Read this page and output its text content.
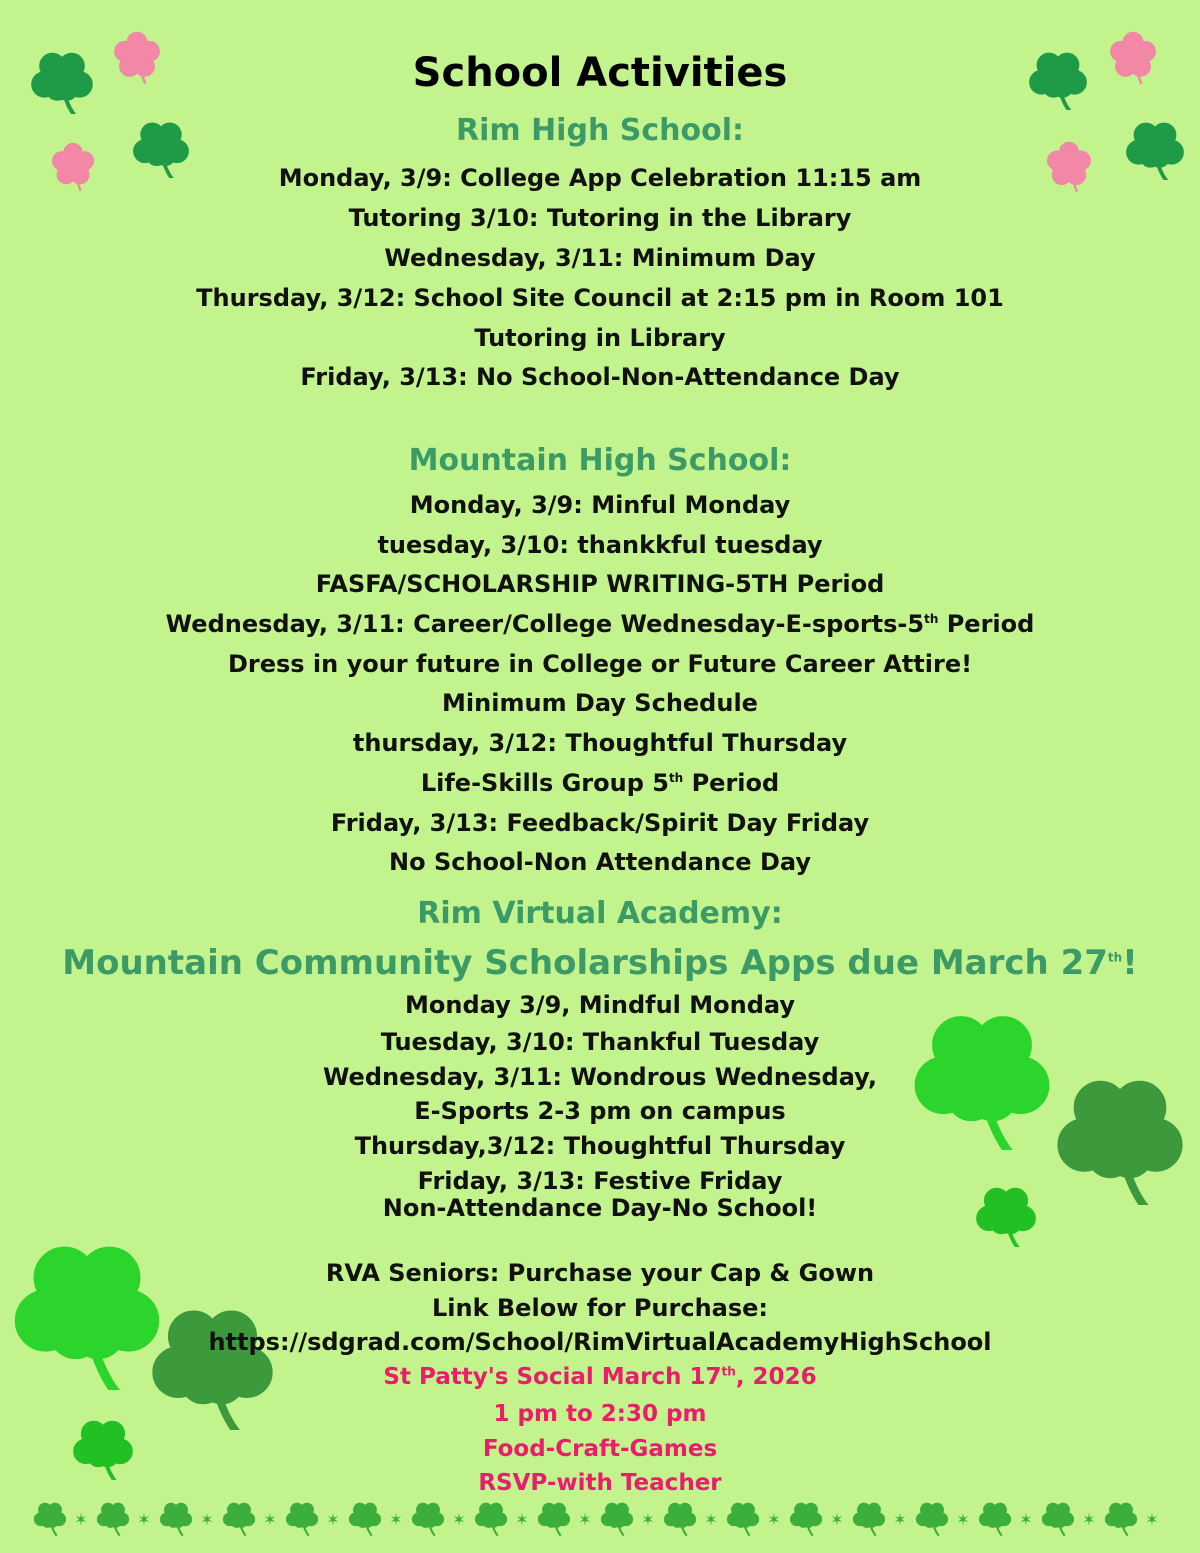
✶	✶	✶	✶	✶	✶	✶	✶	✶	✶	✶	✶	✶	✶	✶	✶	✶	✶
School Activities
Rim High School:
Monday, 3/9: College App Celebration 11:15 am
Tutoring 3/10: Tutoring in the Library
Wednesday, 3/11: Minimum Day
Thursday, 3/12: School Site Council at 2:15 pm in Room 101
Tutoring in Library
Friday, 3/13: No School-Non-Attendance Day
Mountain High School:
Monday, 3/9: Minful Monday
tuesday, 3/10: thankkful tuesday
FASFA/SCHOLARSHIP WRITING-5TH Period
Wednesday, 3/11: Career/College Wednesday-E-sports-5th Period
Dress in your future in College or Future Career Attire!
Minimum Day Schedule
thursday, 3/12: Thoughtful Thursday
Life-Skills Group 5th Period
Friday, 3/13: Feedback/Spirit Day Friday
No School-Non Attendance Day
Rim Virtual Academy:
Mountain Community Scholarships Apps due March 27th!
Monday 3/9, Mindful Monday
Tuesday, 3/10: Thankful Tuesday
Wednesday, 3/11: Wondrous Wednesday,
E-Sports 2-3 pm on campus
Thursday,3/12: Thoughtful Thursday
Friday, 3/13: Festive Friday
Non-Attendance Day-No School!
RVA Seniors: Purchase your Cap & Gown
Link Below for Purchase:
https://sdgrad.com/School/RimVirtualAcademyHighSchool
St Patty's Social March 17th, 2026
1 pm to 2:30 pm
Food-Craft-Games
RSVP-with Teacher
